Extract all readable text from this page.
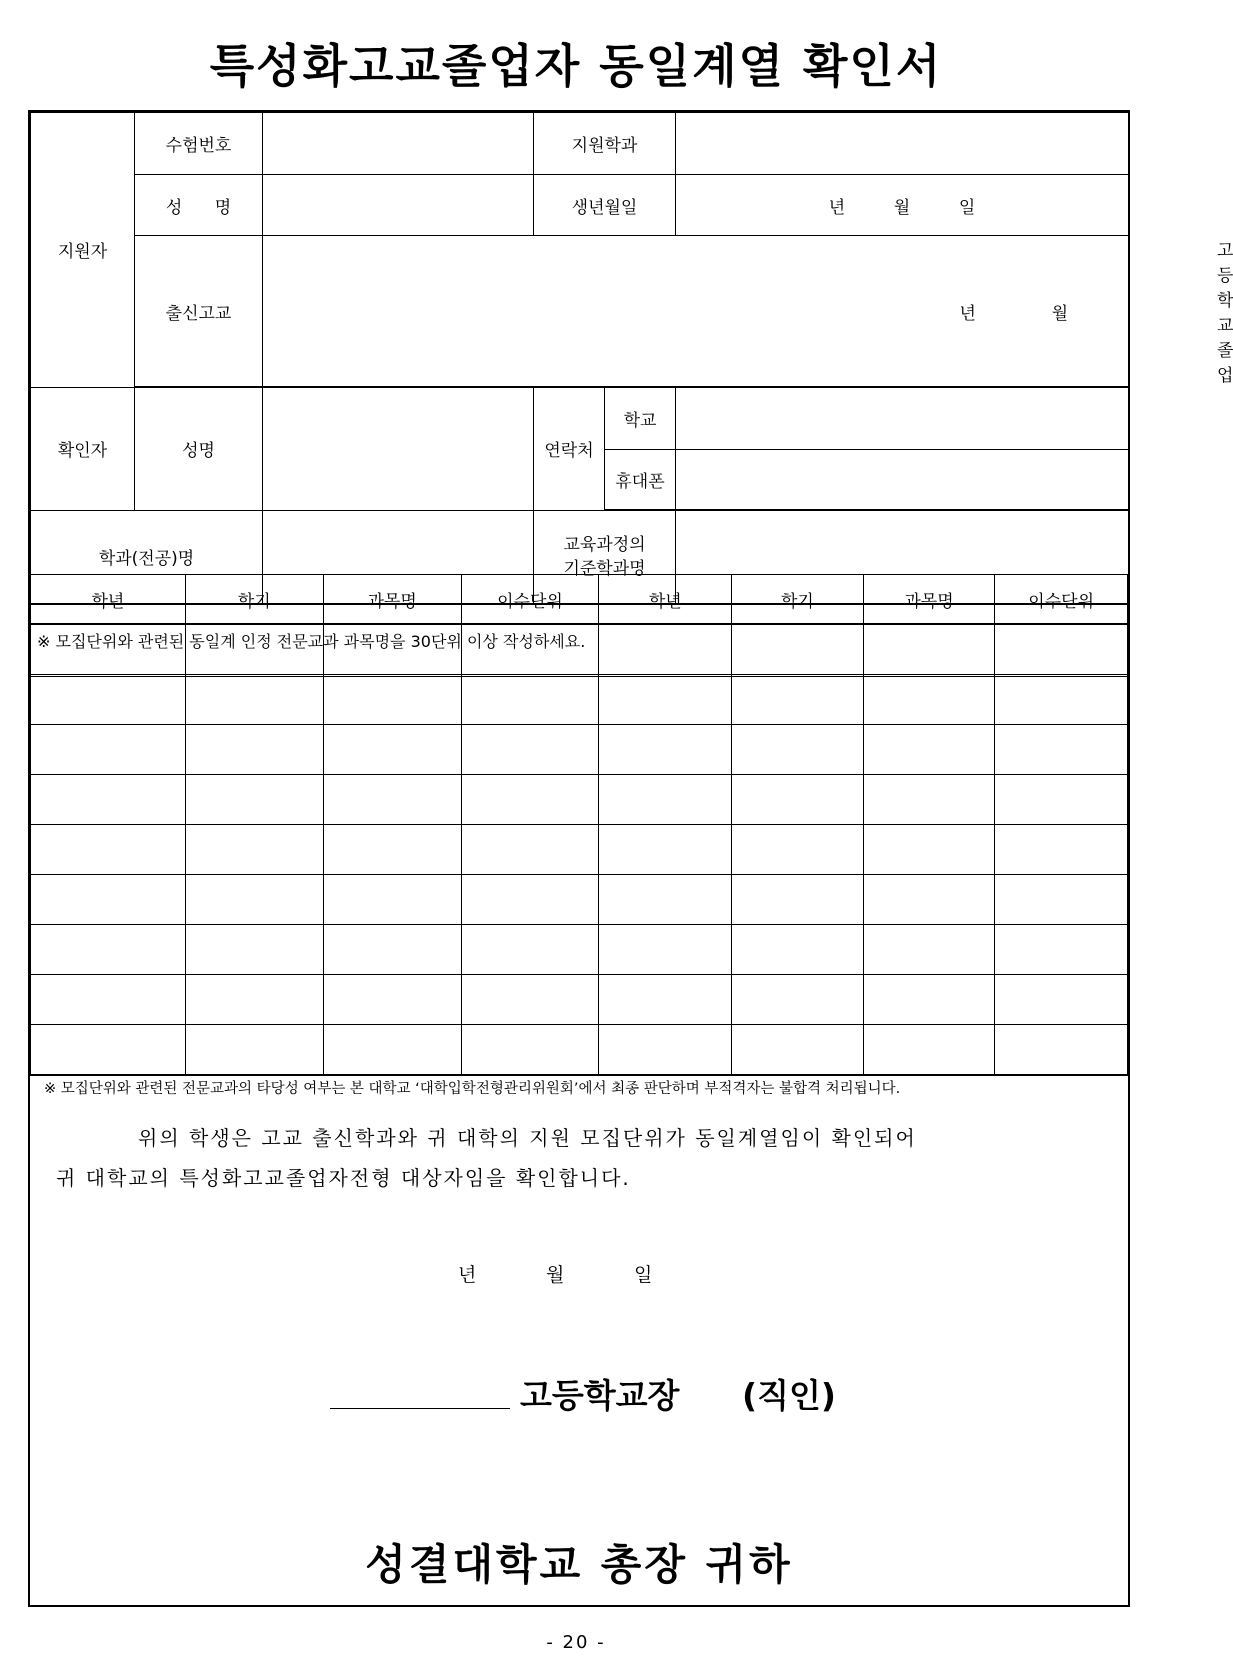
특성화고교졸업자 동일계열 확인서
지원자	수험번호		지원학과			
	성      명		생년월일		년         월         일	
	출신고교	년              월				고등학교 졸업
확인자	성명		연락처	학교		
				휴대폰		
학과(전공)명			교육과정의
기준학과명			
※ 모집단위와 관련된 동일계 인정 전문교과 과목명을 30단위 이상 작성하세요.						
학년	학기	과목명	이수단위	학년	학기	과목명	이수단위

※ 모집단위와 관련된 전문교과의 타당성 여부는 본 대학교 ‘대학입학전형관리위원회’에서 최종 판단하며 부적격자는 불합격 처리됩니다.
위의 학생은 고교 출신학과와 귀 대학의 지원 모집단위가 동일계열임이 확인되어
귀 대학교의 특성화고교졸업자전형 대상자임을 확인합니다.
년	월	일
고등학교장 (직인)
성결대학교 총장 귀하
- 20 -
